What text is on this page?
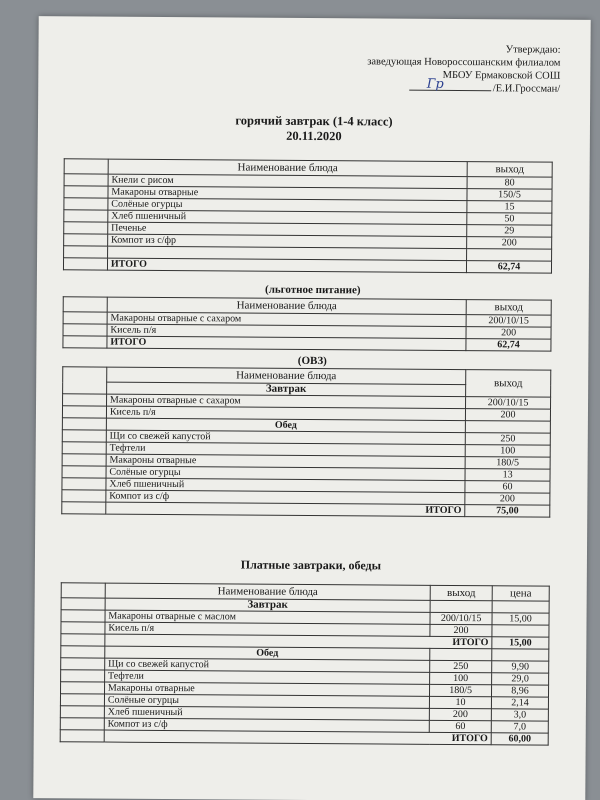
Утверждаю:
заведующая Новороссошанским филиалом
МБОУ Ермаковской СОШ
Гр	/Е.И.Гроссман/
горячий завтрак (1-4 класс)
20.11.2020
	Наименование блюда	выход
	Кнели с рисом	80
	Макароны отварные	150/5
	Солёные огурцы	15
	Хлеб пшеничный	50
	Печенье	29
	Компот из с/фр	200

	ИТОГО	62,74
(льготное питание)
	Наименование блюда	выход
	Макароны отварные с сахаром	200/10/15
	Кисель п/я	200
	ИТОГО	62,74
(ОВЗ)
	Наименование блюда	выход
	Завтрак	
	Макароны отварные с сахаром	200/10/15
	Кисель п/я	200
	Обед	
	Щи со свежей капустой	250
	Тефтели	100
	Макароны отварные	180/5
	Солёные огурцы	13
	Хлеб пшеничный	60
	Компот из с/ф	200
	ИТОГО	75,00
Платные завтраки, обеды
	Наименование блюда	выход	цена
	Завтрак		
	Макароны отварные с маслом	200/10/15	15,00
	Кисель п/я	200	
	ИТОГО		15,00
	Обед		
	Щи со свежей капустой	250	9,90
	Тефтели	100	29,0
	Макароны отварные	180/5	8,96
	Солёные огурцы	10	2,14
	Хлеб пшеничный	200	3,0
	Компот из с/ф	60	7,0
	ИТОГО		60,00
